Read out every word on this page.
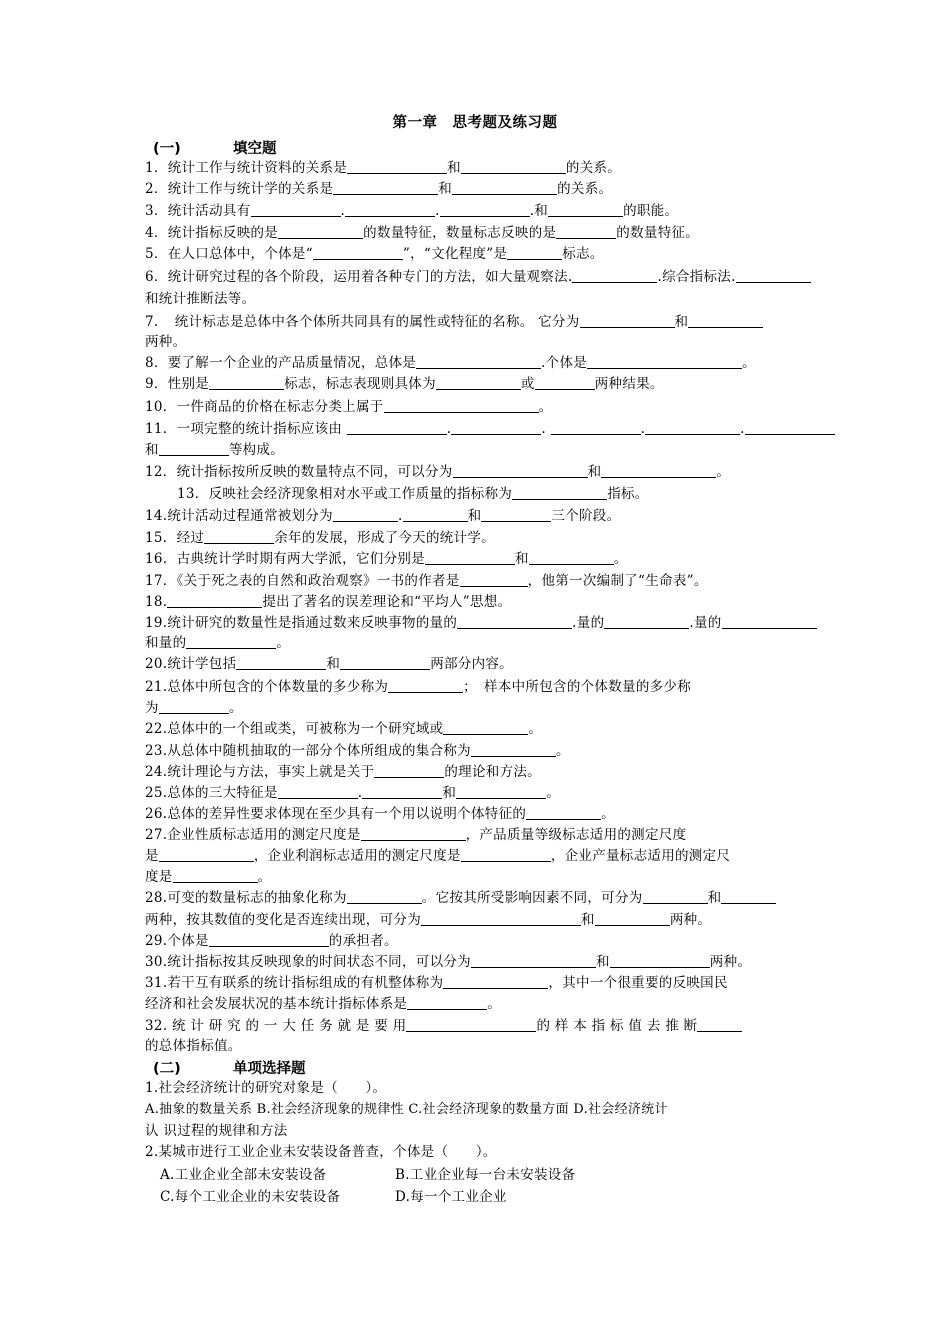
第一章　思考题及练习题
(一)	填空题
1．统计工作与统计资料的关系是	和	的关系。
2．统计工作与统计学的关系是	和	的关系。
3．统计活动具有	.	.	.和	的职能。
4．统计指标反映的是	的数量特征，数量标志反映的是	的数量特征。
5．在人口总体中，个体是“	”，“文化程度”是	标志。
6．统计研究过程的各个阶段，运用着各种专门的方法，如大量观察法.	.综合指标法.
和统计推断法等。
7．　统计标志是总体中各个体所共同具有的属性或特征的名称。 它分为	和
两种。
8．要了解一个企业的产品质量情况，总体是	.个体是	。
9．性别是	标志，标志表现则具体为	或	两种结果。
10．一件商品的价格在标志分类上属于	。
11．一项完整的统计指标应该由	.	.	.	.
和	等构成。
12．统计指标按所反映的数量特点不同，可以分为	和	。
13．反映社会经济现象相对水平或工作质量的指标称为	指标。
14.统计活动过程通常被划分为	.	和	三个阶段。
15．经过	余年的发展，形成了今天的统计学。
16．古典统计学时期有两大学派，它们分别是	和	。
17．《关于死之表的自然和政治观察》一书的作者是	，他第一次编制了“生命表”。
18.	提出了著名的误差理论和“平均人”思想。
19.统计研究的数量性是指通过数来反映事物的量的	.量的	.量的
和量的	。
20.统计学包括	和	两部分内容。
21.总体中所包含的个体数量的多少称为	；　样本中所包含的个体数量的多少称
为	。
22.总体中的一个组或类，可被称为一个研究域或	。
23.从总体中随机抽取的一部分个体所组成的集合称为	。
24.统计理论与方法，事实上就是关于	的理论和方法。
25.总体的三大特征是	.	和	。
26.总体的差异性要求体现在至少具有一个用以说明个体特征的	。
27.企业性质标志适用的测定尺度是	，产品质量等级标志适用的测定尺度
是	，企业利润标志适用的测定尺度是	，企业产量标志适用的测定尺
度是	。
28.可变的数量标志的抽象化称为	。它按其所受影响因素不同，可分为	和
两种，按其数值的变化是否连续出现，可分为	和	两种。
29.个体是	的承担者。
30.统计指标按其反映现象的时间状态不同，可以分为	和	两种。
31.若干互有联系的统计指标组成的有机整体称为	，其中一个很重要的反映国民
经济和社会发展状况的基本统计指标体系是	。
32. 统 计 研 究 的 一 大 任 务 就 是 要 用	的 样 本 指 标 值 去 推 断
的总体指标值。
(二)	单项选择题
1.社会经济统计的研究对象是（　　）。
A.抽象的数量关系 B.社会经济现象的规律性 C.社会经济现象的数量方面 D.社会经济统计
认 识过程的规律和方法
2.某城市进行工业企业未安装设备普查，个体是（　　）。
A.工业企业全部未安装设备	B.工业企业每一台未安装设备
C.每个工业企业的未安装设备	D.每一个工业企业
